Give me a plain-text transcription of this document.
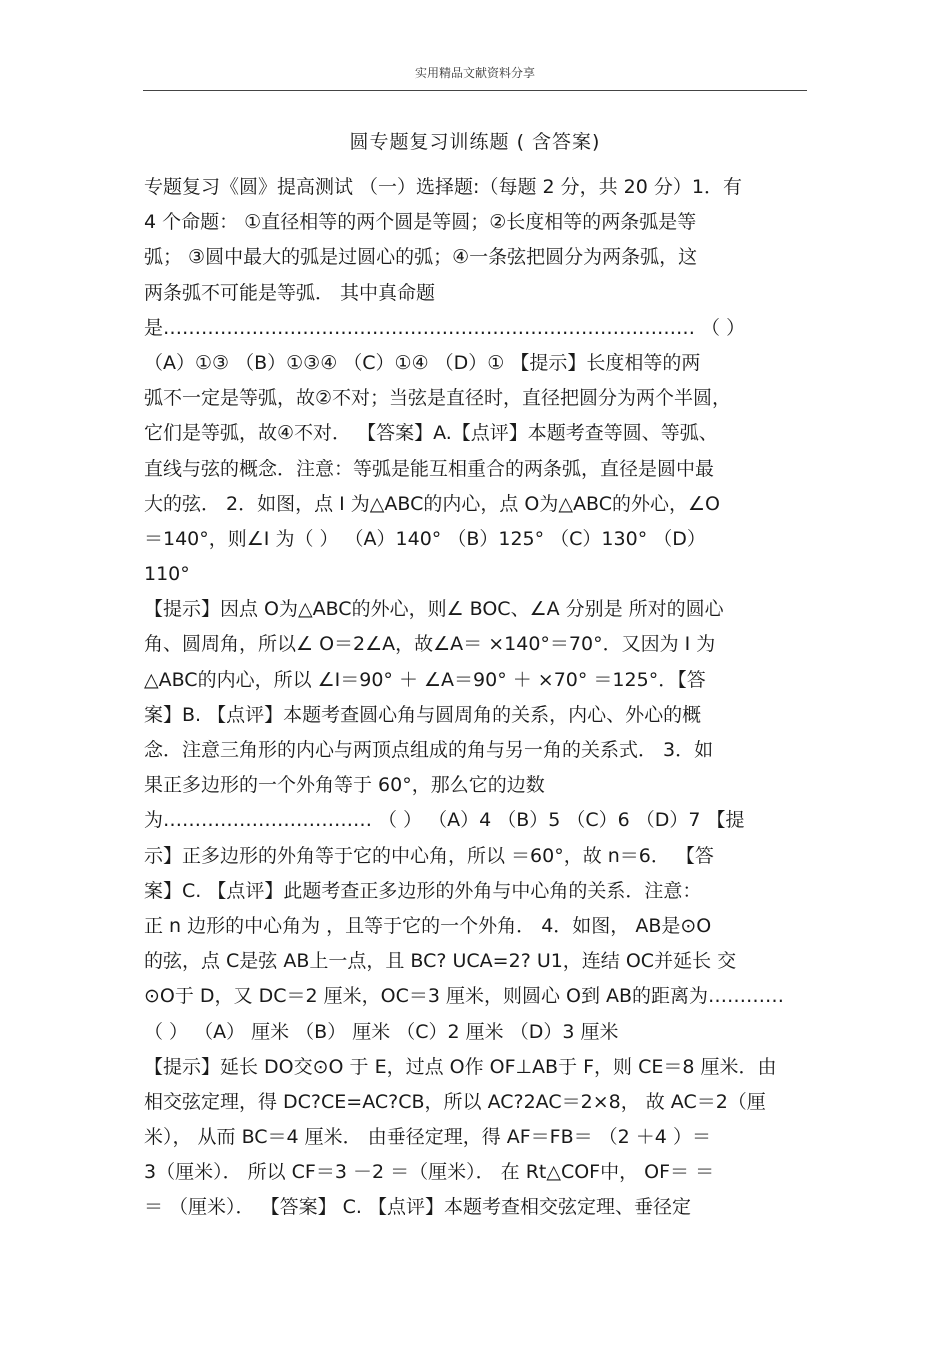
实用精品文献资料分享
圆专题复习训练题 ( 含答案)
专题复习《圆》提高测试 （一）选择题:（每题 2 分，共 20 分）1．有
4 个命题： ①直径相等的两个圆是等圆；②长度相等的两条弧是等
弧； ③圆中最大的弧是过圆心的弧；④一条弦把圆分为两条弧，这
两条弧不可能是等弧． 其中真命题
是………………………………………………………………………… （ ）
（A）①③ （B）①③④ （C）①④ （D）① 【提示】长度相等的两
弧不一定是等弧，故②不对；当弦是直径时，直径把圆分为两个半圆，
它们是等弧，故④不对． 【答案】A.【点评】本题考查等圆、等弧、
直线与弦的概念．注意：等弧是能互相重合的两条弧，直径是圆中最
大的弦． 2．如图，点 I 为△ABC的内心，点 O为△ABC的外心，∠O
＝140°，则∠I 为（ ） （A）140° （B）125° （C）130° （D）
110°
【提示】因点 O为△ABC的外心，则∠ BOC、∠A 分别是 所对的圆心
角、圆周角，所以∠ O＝2∠A，故∠A＝ ×140°＝70°．又因为 I 为
△ABC的内心，所以 ∠I＝90° ＋ ∠A＝90° ＋ ×70° ＝125°．【答
案】B. 【点评】本题考查圆心角与圆周角的关系，内心、外心的概
念．注意三角形的内心与两顶点组成的角与另一角的关系式． 3．如
果正多边形的一个外角等于 60°，那么它的边数
为…………………………… （ ） （A）4 （B）5 （C）6 （D）7 【提
示】正多边形的外角等于它的中心角，所以 ＝60°，故 n＝6． 【答
案】C. 【点评】此题考查正多边形的外角与中心角的关系．注意：
正 n 边形的中心角为 ，且等于它的一个外角． 4．如图， AB是⊙O
的弦，点 C是弦 AB上一点，且 BC? UCA=2? U1，连结 OC并延长 交
⊙O于 D，又 DC＝2 厘米，OC＝3 厘米，则圆心 O到 AB的距离为…………
（ ） （A） 厘米 （B） 厘米 （C）2 厘米 （D）3 厘米
【提示】延长 DO交⊙O 于 E，过点 O作 OF⊥AB于 F，则 CE＝8 厘米．由
相交弦定理，得 DC?CE=AC?CB，所以 AC?2AC＝2×8， 故 AC＝2（厘
米）， 从而 BC＝4 厘米． 由垂径定理，得 AF＝FB＝ （2 ＋4 ）＝
3（厘米）． 所以 CF＝3 －2 ＝（厘米）． 在 Rt△COF中， OF＝ ＝
＝ （厘米）． 【答案】 C. 【点评】本题考查相交弦定理、垂径定
